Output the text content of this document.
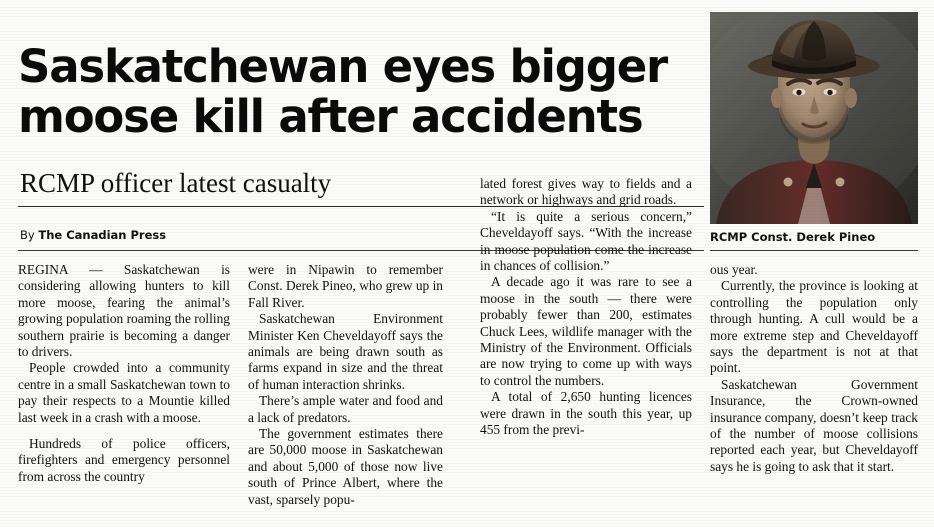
Saskatchewan eyes bigger
moose kill after accidents
RCMP officer latest casualty
By The Canadian Press

REGINA — Saskatchewan is considering allowing hunters to kill more moose, fearing the animal’s growing population roaming the rolling southern prairie is becoming a danger to drivers.

People crowded into a community centre in a small Saskatchewan town to pay their respects to a Mountie killed last week in a crash with a moose.

Hundreds of police officers, firefighters and emergency personnel from across the country

were in Nipawin to remember Const. Derek Pineo, who grew up in Fall River.

Saskatchewan Environment Minister Ken Cheveldayoff says the animals are being drawn south as farms expand in size and the threat of human interaction shrinks.

There’s ample water and food and a lack of predators.

The government estimates there are 50,000 moose in Saskatchewan and about 5,000 of those now live south of Prince Albert, where the vast, sparsely popu-

lated forest gives way to fields and a network or highways and grid roads.

“It is quite a serious concern,” Cheveldayoff says. “With the increase in moose population come the increase in chances of collision.”

A decade ago it was rare to see a moose in the south — there were probably fewer than 200, estimates Chuck Lees, wildlife manager with the Ministry of the Environment. Officials are now trying to come up with ways to control the numbers.

A total of 2,650 hunting licences were drawn in the south this year, up 455 from the previ-

RCMP Const. Derek Pineo

ous year.

Currently, the province is looking at controlling the population only through hunting. A cull would be a more extreme step and Cheveldayoff says the department is not at that point.

Saskatchewan Government Insurance, the Crown-owned insurance company, doesn’t keep track of the number of moose collisions reported each year, but Cheveldayoff says he is going to ask that it start.
